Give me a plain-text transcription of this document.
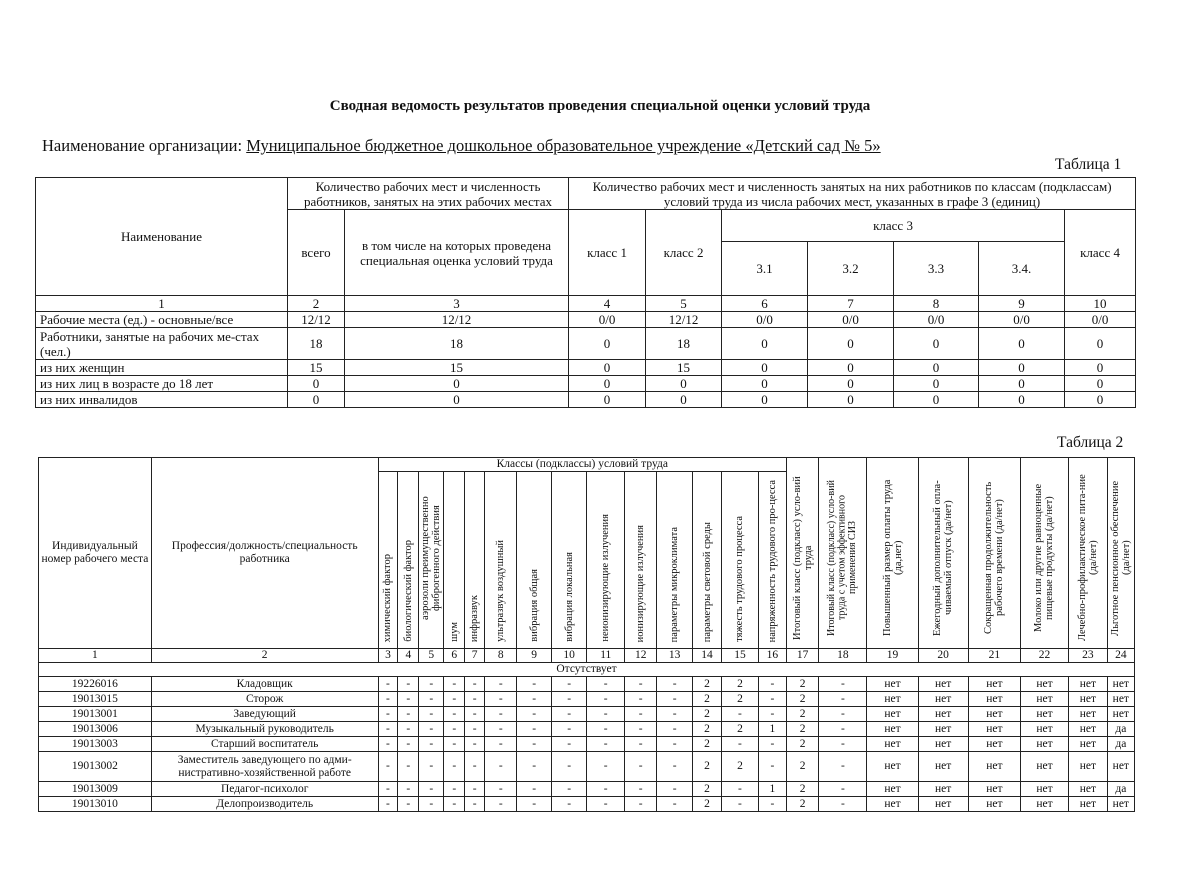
Сводная ведомость результатов проведения специальной оценки условий труда
Наименование организации: Муниципальное бюджетное дошкольное образовательное учреждение «Детский сад № 5»
Таблица 1
Наименование	Количество рабочих мест и численность работников, занятых на этих рабочих местах		Количество рабочих мест и численность занятых на них работников по классам (подклассам) условий труда из числа рабочих мест, указанных в графе 3 (единиц)						
	всего	в том числе на которых проведена специальная оценка условий труда	класс 1	класс 2	класс 3				класс 4
					3.1	3.2	3.3	3.4.	
1	2	3	4	5	6	7	8	9	10
Рабочие места (ед.) - основные/все	12/12	12/12	0/0	12/12	0/0	0/0	0/0	0/0	0/0
Работники, занятые на рабочих ме-стах (чел.)	18	18	0	18	0	0	0	0	0
из них женщин	15	15	0	15	0	0	0	0	0
из них лиц в возрасте до 18 лет	0	0	0	0	0	0	0	0	0
из них инвалидов	0	0	0	0	0	0	0	0	0
Таблица 2
Индивидуальный номер рабочего места	Профессия/должность/специальность работника	Классы (подклассы) условий труда														Итоговый класс (подкласс) усло-вий труда	Итоговый класс (подкласс) усло-вий труда с учетом эффективного применения СИЗ	Повышенный размер оплаты труда (да,нет)	Ежегодный дополнительный опла-чиваемый отпуск (да/нет)	Сокращенная продолжительность рабочего времени (да/нет)	Молоко или другие равноценные пищевые продукты (да/нет)	Лечебно-профилактическое пита-ние (да/нет)	Льготное пенсионное обеспечение (да/нет)
		химический фактор	биологический фактор	аэрозоли преимущественно фиброгенного действия	шум	инфразвук	ультразвук воздушный	вибрация общая	вибрация локальная	неионизирующие излучения	ионизирующие излучения	параметры микроклимата	параметры световой среды	тяжесть трудового процесса	напряженность трудового про-цесса								
1	2	3	4	5	6	7	8	9	10	11	12	13	14	15	16	17	18	19	20	21	22	23	24
Отсутствует																							
19226016	Кладовщик	-	-	-	-	-	-	-	-	-	-	-	2	2	-	2	-	нет	нет	нет	нет	нет	нет
19013015	Сторож	-	-	-	-	-	-	-	-	-	-	-	2	2	-	2	-	нет	нет	нет	нет	нет	нет
19013001	Заведующий	-	-	-	-	-	-	-	-	-	-	-	2	-	-	2	-	нет	нет	нет	нет	нет	нет
19013006	Музыкальный руководитель	-	-	-	-	-	-	-	-	-	-	-	2	2	1	2	-	нет	нет	нет	нет	нет	да
19013003	Старший воспитатель	-	-	-	-	-	-	-	-	-	-	-	2	-	-	2	-	нет	нет	нет	нет	нет	да
19013002	Заместитель заведующего по адми-нистративно-хозяйственной работе	-	-	-	-	-	-	-	-	-	-	-	2	2	-	2	-	нет	нет	нет	нет	нет	нет
19013009	Педагог-психолог	-	-	-	-	-	-	-	-	-	-	-	2	-	1	2	-	нет	нет	нет	нет	нет	да
19013010	Делопроизводитель	-	-	-	-	-	-	-	-	-	-	-	2	-	-	2	-	нет	нет	нет	нет	нет	нет
